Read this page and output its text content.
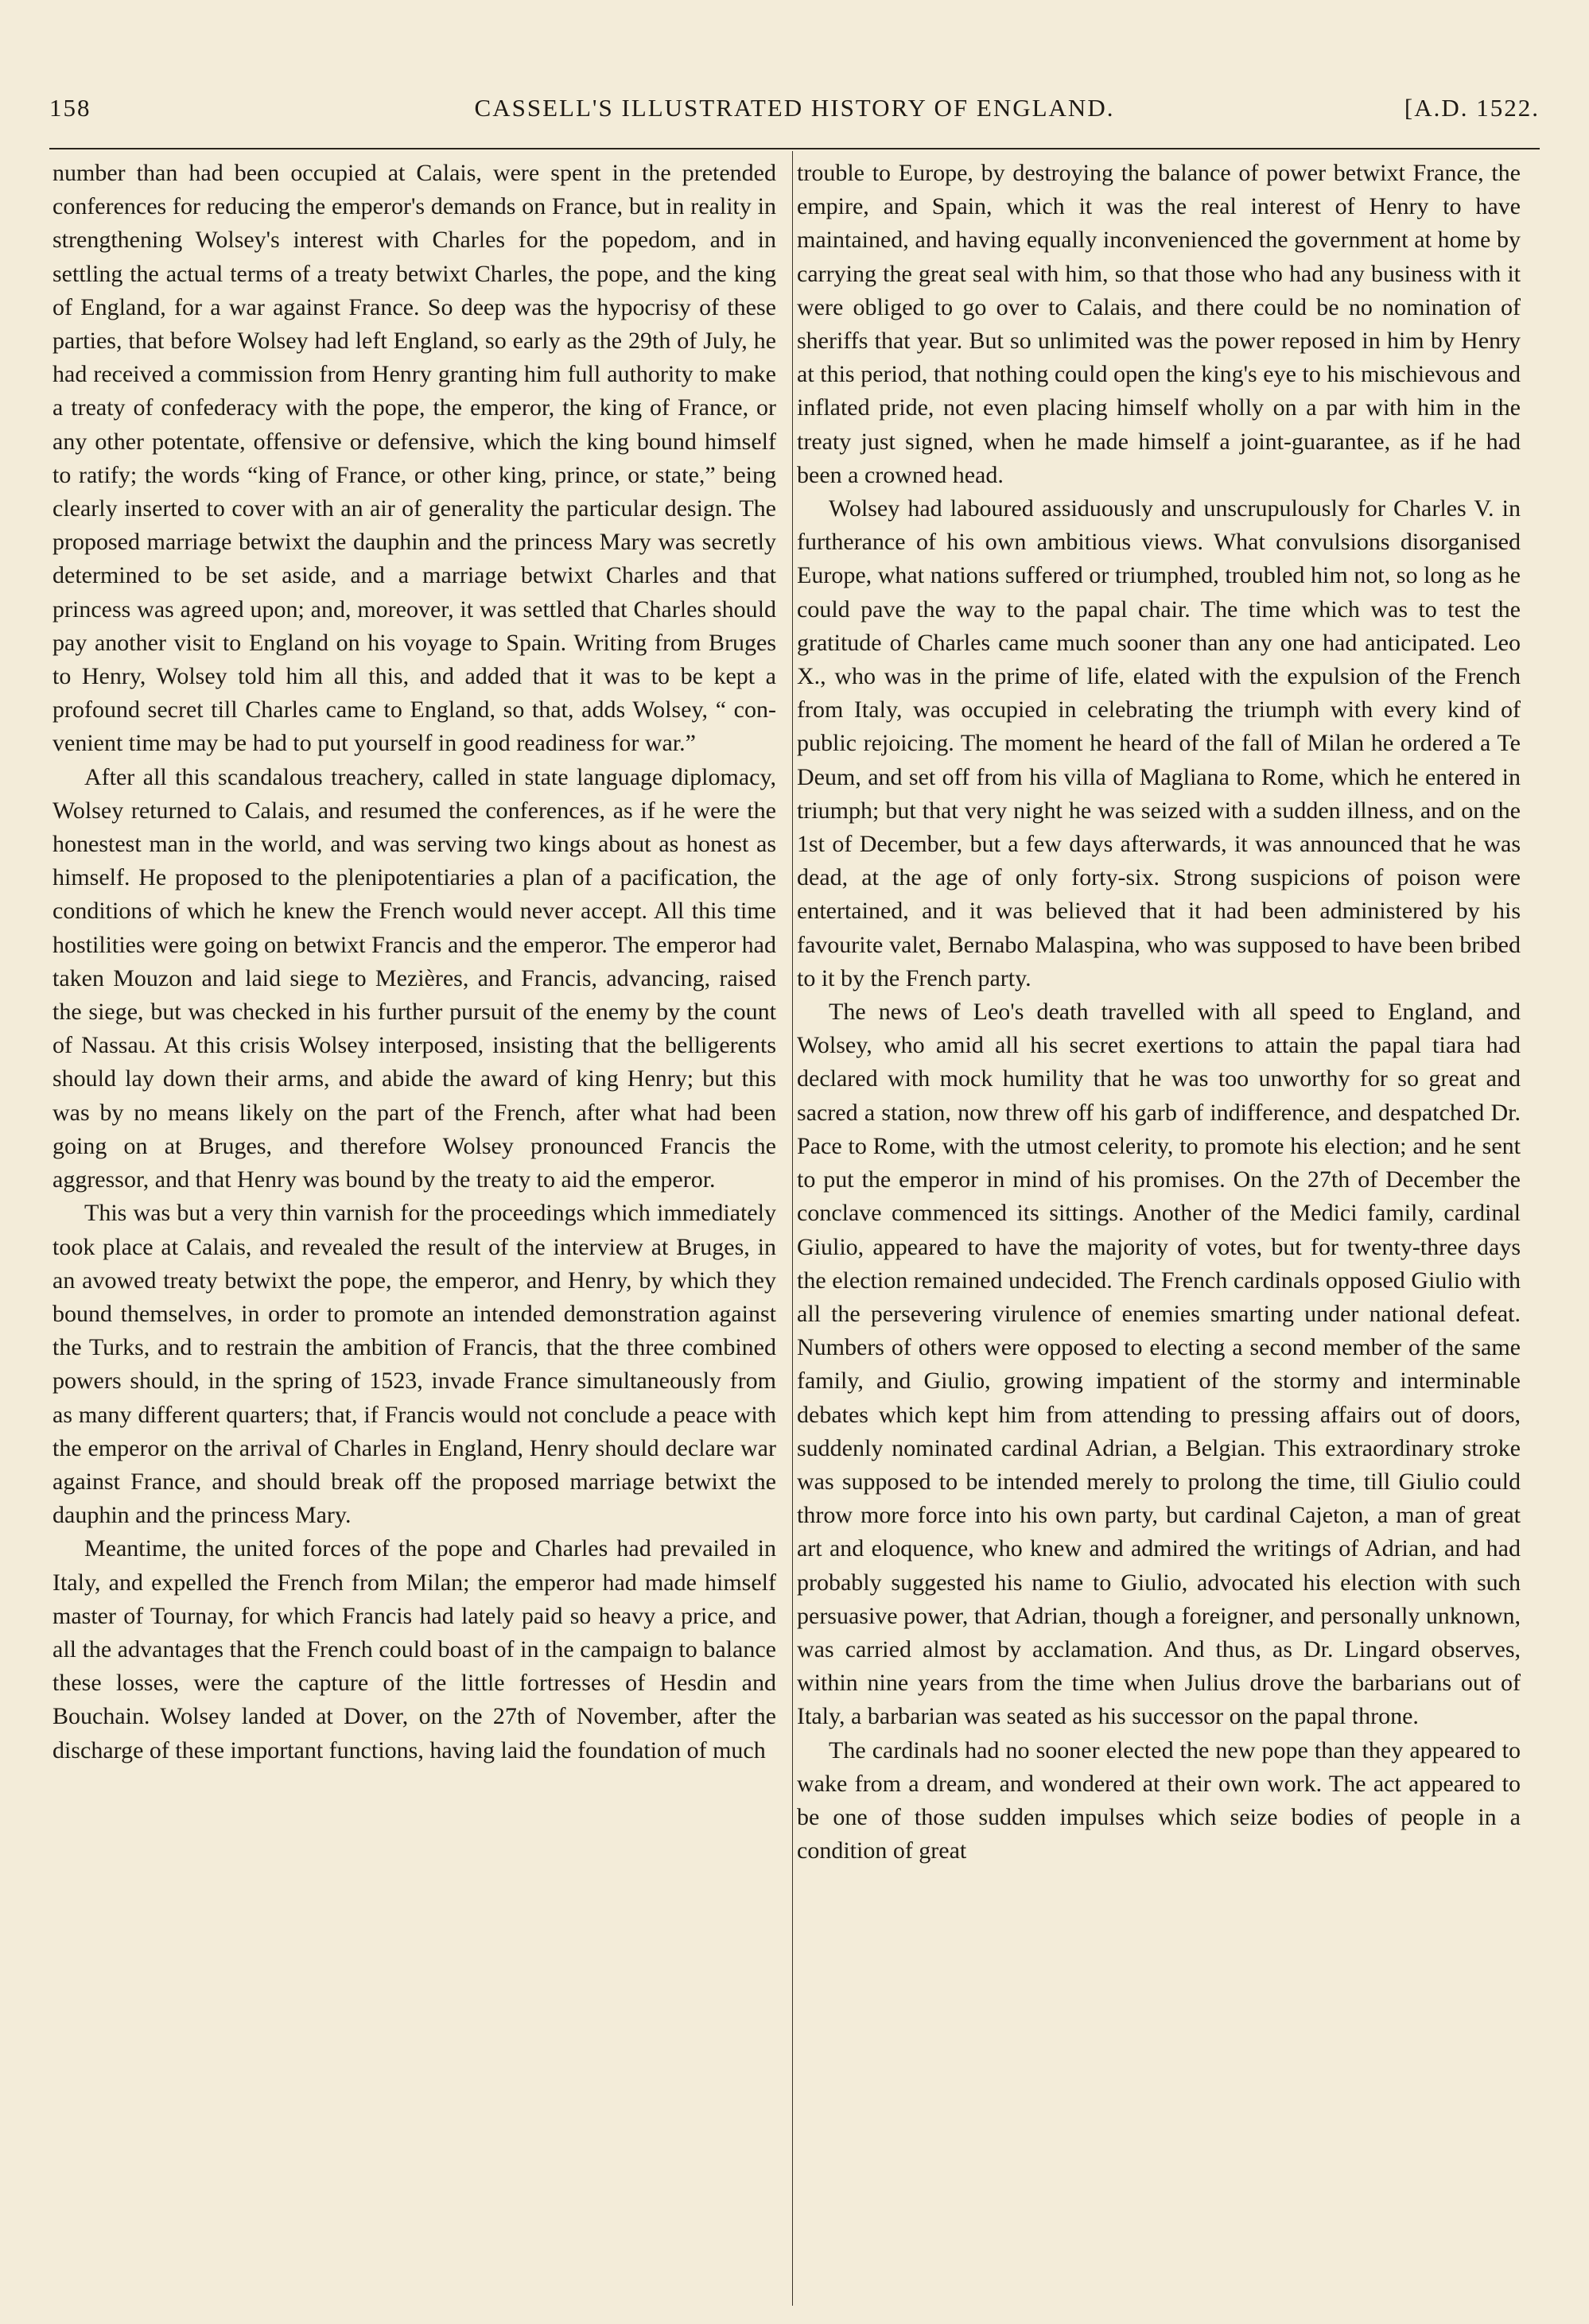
158	CASSELL'S ILLUSTRATED HISTORY OF ENGLAND.	[A.D. 1522.

number than had been occupied at Calais, were spent in the pretended conferences for reducing the emperor's demands on France, but in reality in strengthening Wolsey's interest with Charles for the popedom, and in settling the actual terms of a treaty betwixt Charles, the pope, and the king of England, for a war against France. So deep was the hypocrisy of these parties, that before Wolsey had left England, so early as the 29th of July, he had received a commission from Henry granting him full authority to make a treaty of confederacy with the pope, the emperor, the king of France, or any other potentate, offensive or defensive, which the king bound himself to ratify; the words “king of France, or other king, prince, or state,” being clearly inserted to cover with an air of generality the particular design. The proposed marriage betwixt the dauphin and the princess Mary was secretly determined to be set aside, and a marriage betwixt Charles and that princess was agreed upon; and, moreover, it was settled that Charles should pay another visit to England on his voyage to Spain. Writing from Bruges to Henry, Wolsey told him all this, and added that it was to be kept a profound secret till Charles came to England, so that, adds Wolsey, “ convenient time may be had to put yourself in good readiness for war.”

After all this scandalous treachery, called in state language diplomacy, Wolsey returned to Calais, and resumed the conferences, as if he were the honestest man in the world, and was serving two kings about as honest as himself. He proposed to the plenipotentiaries a plan of a pacification, the conditions of which he knew the French would never accept. All this time hostilities were going on betwixt Francis and the emperor. The emperor had taken Mouzon and laid siege to Mezières, and Francis, advancing, raised the siege, but was checked in his further pursuit of the enemy by the count of Nassau. At this crisis Wolsey interposed, insisting that the belligerents should lay down their arms, and abide the award of king Henry; but this was by no means likely on the part of the French, after what had been going on at Bruges, and therefore Wolsey pronounced Francis the aggressor, and that Henry was bound by the treaty to aid the emperor.

This was but a very thin varnish for the proceedings which immediately took place at Calais, and revealed the result of the interview at Bruges, in an avowed treaty betwixt the pope, the emperor, and Henry, by which they bound themselves, in order to promote an intended demonstration against the Turks, and to restrain the ambition of Francis, that the three combined powers should, in the spring of 1523, invade France simultaneously from as many different quarters; that, if Francis would not conclude a peace with the emperor on the arrival of Charles in England, Henry should declare war against France, and should break off the proposed marriage betwixt the dauphin and the princess Mary.

Meantime, the united forces of the pope and Charles had prevailed in Italy, and expelled the French from Milan; the emperor had made himself master of Tournay, for which Francis had lately paid so heavy a price, and all the advantages that the French could boast of in the campaign to balance these losses, were the capture of the little fortresses of Hesdin and Bouchain. Wolsey landed at Dover, on the 27th of November, after the discharge of these important functions, having laid the foundation of much

trouble to Europe, by destroying the balance of power betwixt France, the empire, and Spain, which it was the real interest of Henry to have maintained, and having equally inconvenienced the government at home by carrying the great seal with him, so that those who had any business with it were obliged to go over to Calais, and there could be no nomination of sheriffs that year. But so unlimited was the power reposed in him by Henry at this period, that nothing could open the king's eye to his mischievous and inflated pride, not even placing himself wholly on a par with him in the treaty just signed, when he made himself a joint-guarantee, as if he had been a crowned head.

Wolsey had laboured assiduously and unscrupulously for Charles V. in furtherance of his own ambitious views. What convulsions disorganised Europe, what nations suffered or triumphed, troubled him not, so long as he could pave the way to the papal chair. The time which was to test the gratitude of Charles came much sooner than any one had anticipated. Leo X., who was in the prime of life, elated with the expulsion of the French from Italy, was occupied in celebrating the triumph with every kind of public rejoicing. The moment he heard of the fall of Milan he ordered a Te Deum, and set off from his villa of Magliana to Rome, which he entered in triumph; but that very night he was seized with a sudden illness, and on the 1st of December, but a few days afterwards, it was announced that he was dead, at the age of only forty-six. Strong suspicions of poison were entertained, and it was believed that it had been administered by his favourite valet, Bernabo Malaspina, who was supposed to have been bribed to it by the French party.

The news of Leo's death travelled with all speed to England, and Wolsey, who amid all his secret exertions to attain the papal tiara had declared with mock humility that he was too unworthy for so great and sacred a station, now threw off his garb of indifference, and despatched Dr. Pace to Rome, with the utmost celerity, to promote his election; and he sent to put the emperor in mind of his promises. On the 27th of December the conclave commenced its sittings. Another of the Medici family, cardinal Giulio, appeared to have the majority of votes, but for twenty-three days the election remained undecided. The French cardinals opposed Giulio with all the persevering virulence of enemies smarting under national defeat. Numbers of others were opposed to electing a second member of the same family, and Giulio, growing impatient of the stormy and interminable debates which kept him from attending to pressing affairs out of doors, suddenly nominated cardinal Adrian, a Belgian. This extraordinary stroke was supposed to be intended merely to prolong the time, till Giulio could throw more force into his own party, but cardinal Cajeton, a man of great art and eloquence, who knew and admired the writings of Adrian, and had probably suggested his name to Giulio, advocated his election with such persuasive power, that Adrian, though a foreigner, and personally unknown, was carried almost by acclamation. And thus, as Dr. Lingard observes, within nine years from the time when Julius drove the barbarians out of Italy, a barbarian was seated as his successor on the papal throne.

The cardinals had no sooner elected the new pope than they appeared to wake from a dream, and wondered at their own work. The act appeared to be one of those sudden impulses which seize bodies of people in a condition of great
